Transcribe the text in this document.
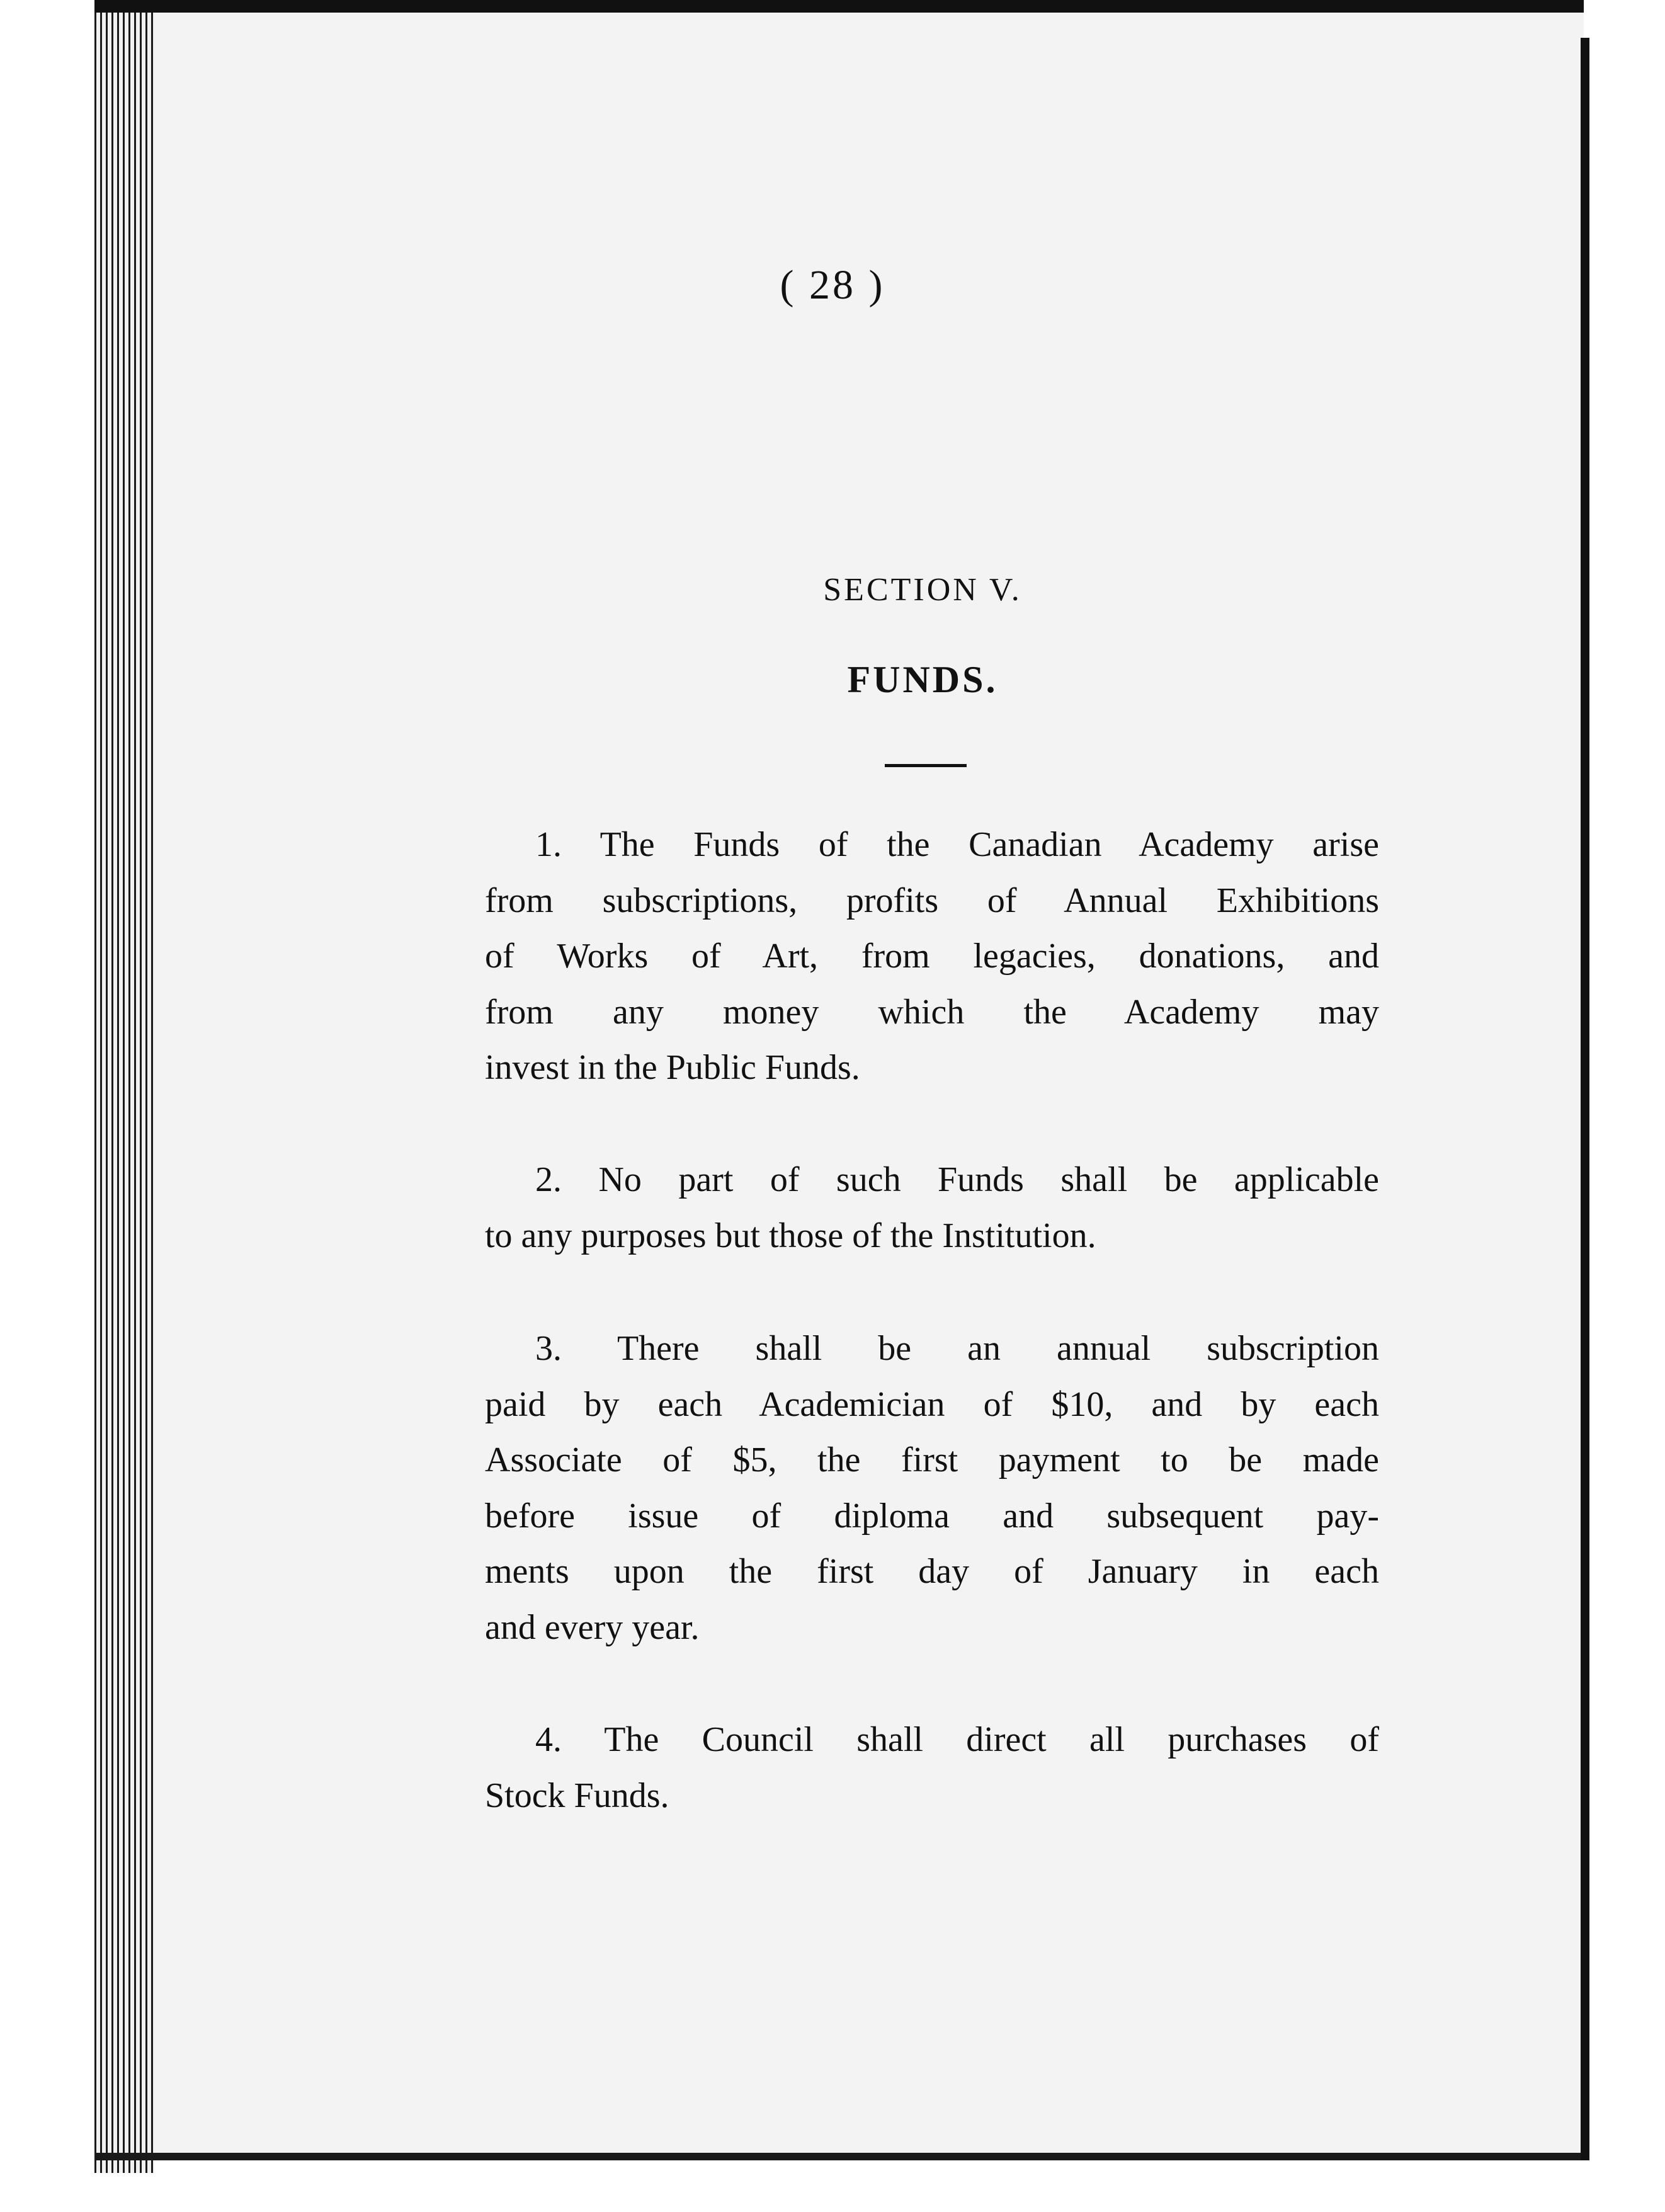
( 28 )
SECTION V.
FUNDS.
1. The Funds of the Canadian Academy arise
from subscriptions, profits of Annual Exhibitions
of Works of Art, from legacies, donations, and
from any money which the Academy may
invest in the Public Funds.
2. No part of such Funds shall be applicable
to any purposes but those of the Institution.
3. There shall be an annual subscription
paid by each Academician of $10, and by each
Associate of $5, the first payment to be made
before issue of diploma and subsequent pay-
ments upon the first day of January in each
and every year.
4. The Council shall direct all purchases of
Stock Funds.
